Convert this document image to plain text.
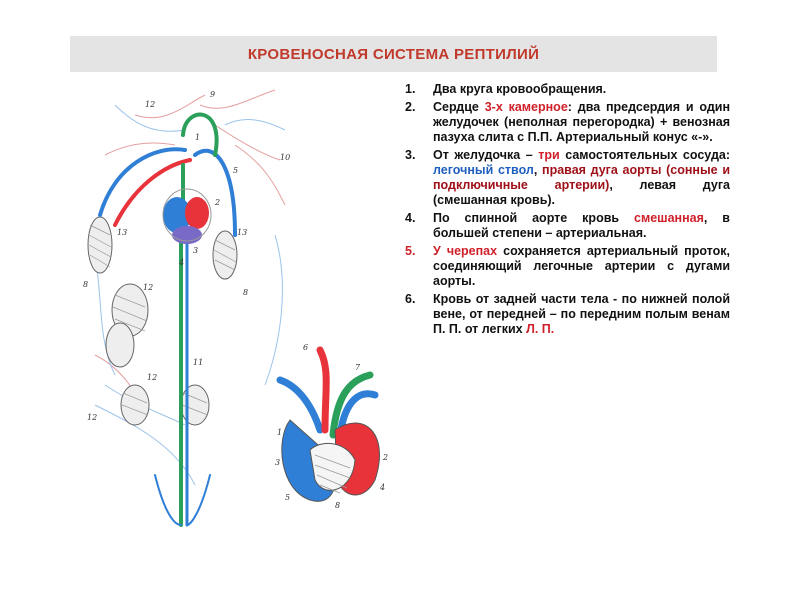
КРОВЕНОСНАЯ СИСТЕМА РЕПТИЛИЙ
9
12
1
5
10
2
13	13
3
4
8
8
12
11
12
12
6
7
1
2
3
4
5
8
1.	Два круга кровообращения.
2.	Сердце 3-х камерное: два предсердия и один желудочек (неполная перегородка) + венозная пазуха слита с П.П. Артериальный конус «-».
3.	От желудочка – три самостоятельных сосуда: легочный ствол, правая дуга аорты (сонные и подключичные артерии), левая дуга (смешанная кровь).
4.	По спинной аорте кровь смешанная, в большей степени – артериальная.
5.	У черепах сохраняется артериальный проток, соединяющий легочные артерии с дугами аорты.
6.	Кровь от задней части тела - по нижней полой вене, от передней – по передним полым венам П. П. от легких Л. П.
